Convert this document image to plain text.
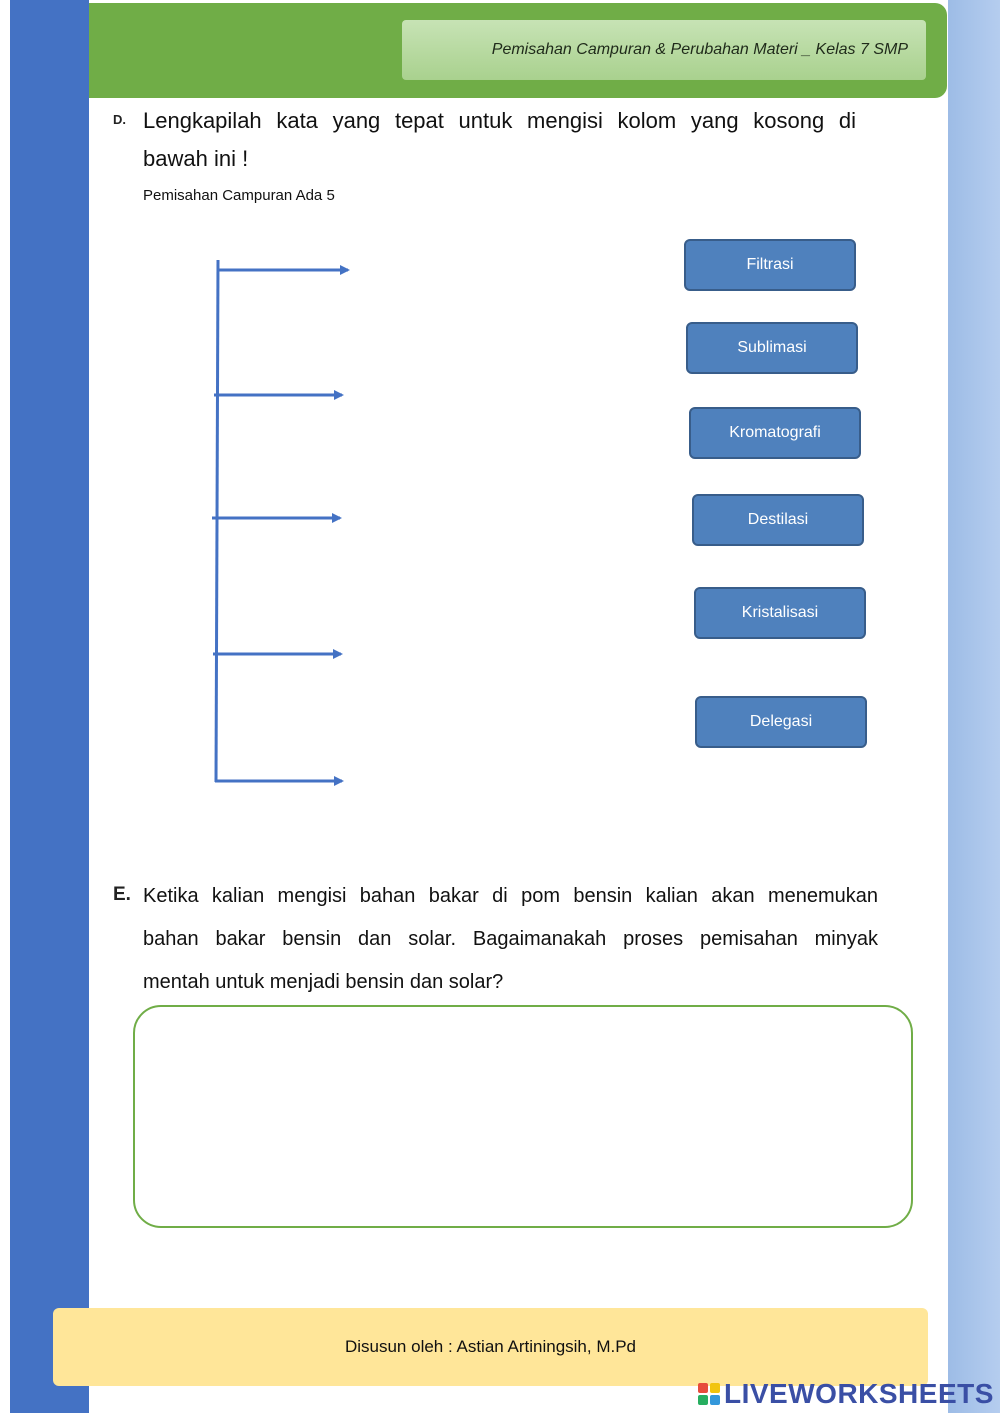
Pemisahan Campuran & Perubahan Materi _ Kelas 7 SMP
D. Lengkapilah kata yang tepat untuk mengisi kolom yang kosong di
bawah ini !
Pemisahan Campuran Ada 5
Filtrasi
Sublimasi
Kromatografi
Destilasi
Kristalisasi
Delegasi
E. Ketika kalian mengisi bahan bakar di pom bensin kalian akan menemukan
bahan bakar bensin dan solar. Bagaimanakah proses pemisahan minyak
mentah untuk menjadi bensin dan solar?
Disusun oleh : Astian Artiningsih, M.Pd
LIVEWORKSHEETS
